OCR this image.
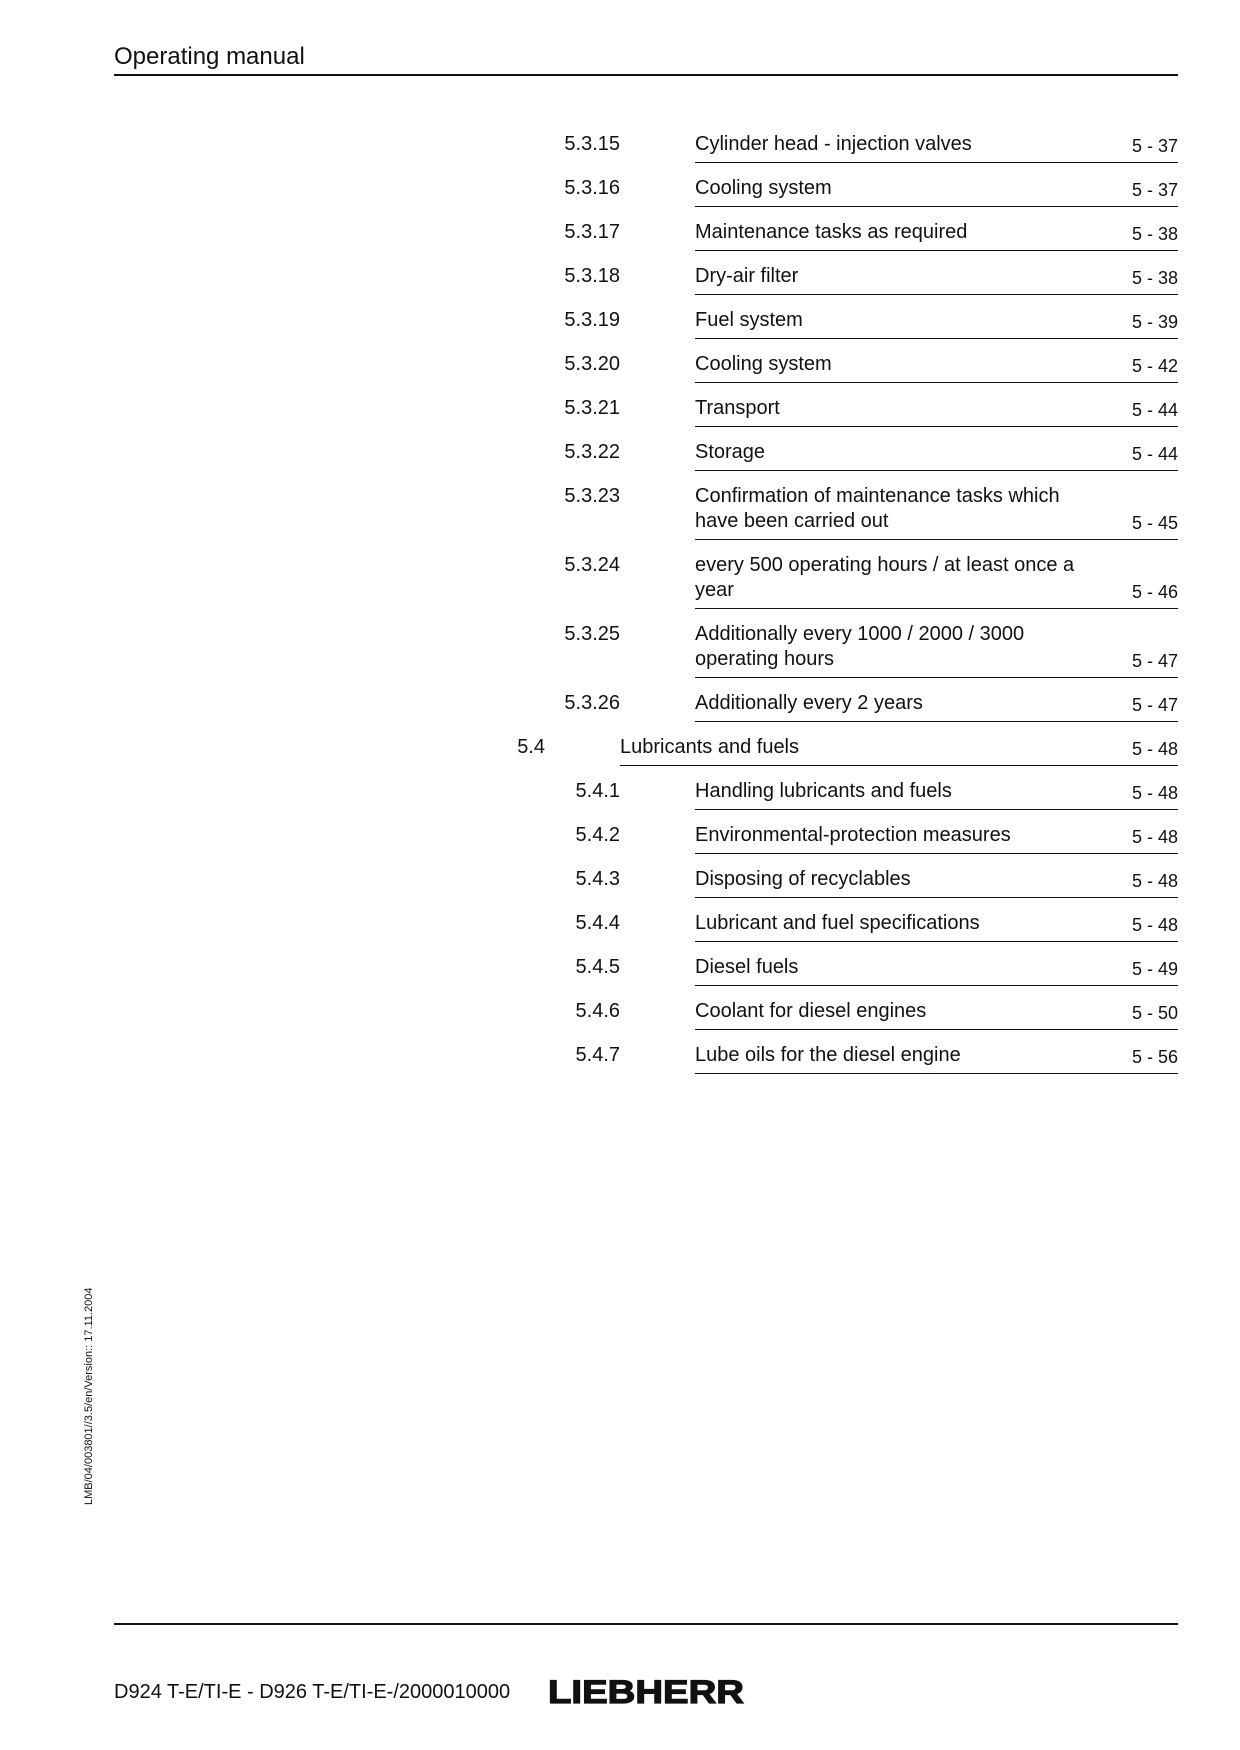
Operating manual
5.3.15	Cylinder head - injection valves	5 - 37
5.3.16	Cooling system	5 - 37
5.3.17	Maintenance tasks as required	5 - 38
5.3.18	Dry-air filter	5 - 38
5.3.19	Fuel system	5 - 39
5.3.20	Cooling system	5 - 42
5.3.21	Transport	5 - 44
5.3.22	Storage	5 - 44
5.3.23	Confirmation of maintenance tasks which
have been carried out	5 - 45
5.3.24	every 500 operating hours / at least once a
year	5 - 46
5.3.25	Additionally every 1000 / 2000 / 3000
operating hours	5 - 47
5.3.26	Additionally every 2 years	5 - 47
5.4	Lubricants and fuels	5 - 48
5.4.1	Handling lubricants and fuels	5 - 48
5.4.2	Environmental-protection measures	5 - 48
5.4.3	Disposing of recyclables	5 - 48
5.4.4	Lubricant and fuel specifications	5 - 48
5.4.5	Diesel fuels	5 - 49
5.4.6	Coolant for diesel engines	5 - 50
5.4.7	Lube oils for the diesel engine	5 - 56
LMB/04/003801//3.5/en/Version:: 17.11.2004
D924 T-E/TI-E - D926 T-E/TI-E-/2000010000 LIEBHERR
